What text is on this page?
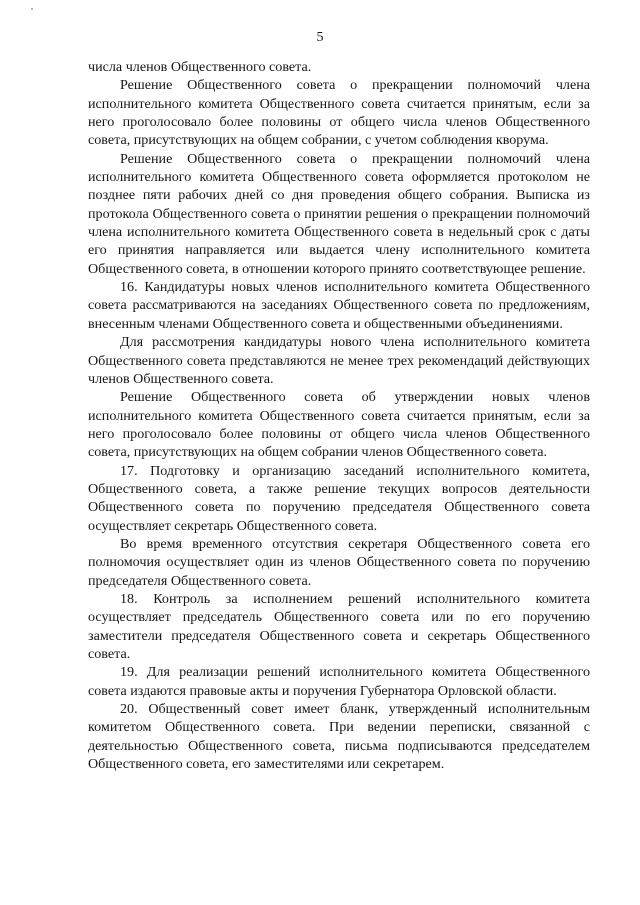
5

числа членов Общественного совета.

Решение Общественного совета о прекращении полномочий члена исполнительного комитета Общественного совета считается принятым, если за него проголосовало более половины от общего числа членов Общественного совета, присутствующих на общем собрании, с учетом соблюдения кворума.

Решение Общественного совета о прекращении полномочий члена исполнительного комитета Общественного совета оформляется протоколом не позднее пяти рабочих дней со дня проведения общего собрания. Выписка из протокола Общественного совета о принятии решения о прекращении полномочий члена исполнительного комитета Общественного совета в недельный срок с даты его принятия направляется или выдается члену исполнительного комитета Общественного совета, в отношении которого принято соответствующее решение.

16. Кандидатуры новых членов исполнительного комитета Общественного совета рассматриваются на заседаниях Общественного совета по предложениям, внесенным членами Общественного совета и общественными объединениями.

Для рассмотрения кандидатуры нового члена исполнительного комитета Общественного совета представляются не менее трех рекомендаций действующих членов Общественного совета.

Решение Общественного совета об утверждении новых членов исполнительного комитета Общественного совета считается принятым, если за него проголосовало более половины от общего числа членов Общественного совета, присутствующих на общем собрании членов Общественного совета.

17. Подготовку и организацию заседаний исполнительного комитета, Общественного совета, а также решение текущих вопросов деятельности Общественного совета по поручению председателя Общественного совета осуществляет секретарь Общественного совета.

Во время временного отсутствия секретаря Общественного совета его полномочия осуществляет один из членов Общественного совета по поручению председателя Общественного совета.

18. Контроль за исполнением решений исполнительного комитета осуществляет председатель Общественного совета или по его поручению заместители председателя Общественного совета и секретарь Общественного совета.

19. Для реализации решений исполнительного комитета Общественного совета издаются правовые акты и поручения Губернатора Орловской области.

20. Общественный совет имеет бланк, утвержденный исполнительным комитетом Общественного совета. При ведении переписки, связанной с деятельностью Общественного совета, письма подписываются председателем Общественного совета, его заместителями или секретарем.
